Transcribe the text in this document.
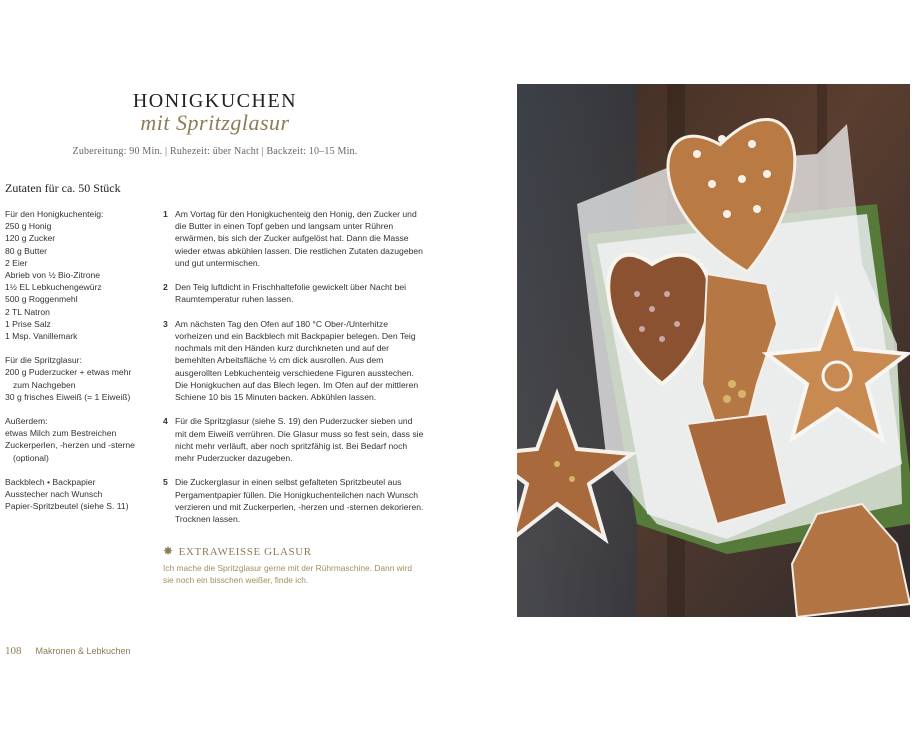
HONIGKUCHEN
mit Spritzglasur
Zubereitung: 90 Min. | Ruhezeit: über Nacht | Backzeit: 10–15 Min.
Zutaten für ca. 50 Stück
Für den Honigkuchenteig:
250 g Honig
120 g Zucker
80 g Butter
2 Eier
Abrieb von ½ Bio-Zitrone
1½ EL Lebkuchengewürz
500 g Roggenmehl
2 TL Natron
1 Prise Salz
1 Msp. Vanillemark
Für die Spritzglasur:
200 g Puderzucker + etwas mehr
zum Nachgeben
30 g frisches Eiweiß (= 1 Eiweiß)
Außerdem:
etwas Milch zum Bestreichen
Zuckerperlen, -herzen und -sterne
(optional)
Backblech • Backpapier
Ausstecher nach Wunsch
Papier-Spritzbeutel (siehe S. 11)
1 Am Vortag für den Honigkuchenteig den Honig, den Zucker und die Butter in einen Topf geben und langsam unter Rühren erwärmen, bis sich der Zucker aufgelöst hat. Dann die Masse wieder etwas abkühlen lassen. Die restlichen Zutaten dazugeben und gut untermischen.
2 Den Teig luftdicht in Frischhaltefolie gewickelt über Nacht bei Raumtemperatur ruhen lassen.
3 Am nächsten Tag den Ofen auf 180 °C Ober-/Unterhitze vorheizen und ein Backblech mit Backpapier belegen. Den Teig nochmals mit den Händen kurz durchkneten und auf der bemehlten Arbeitsfläche ½ cm dick ausrollen. Aus dem ausgerollten Lebkuchenteig verschiedene Figuren ausstechen. Die Honigkuchen auf das Blech legen. Im Ofen auf der mittleren Schiene 10 bis 15 Minuten backen. Abkühlen lassen.
4 Für die Spritzglasur (siehe S. 19) den Puderzucker sieben und mit dem Eiweiß verrühren. Die Glasur muss so fest sein, dass sie nicht mehr verläuft, aber noch spritzfähig ist. Bei Bedarf noch mehr Puderzucker dazugeben.
5 Die Zuckerglasur in einen selbst gefalteten Spritzbeutel aus Pergamentpapier füllen. Die Honigkuchenteilchen nach Wunsch verzieren und mit Zuckerperlen, -herzen und -sternen dekorieren. Trocknen lassen.
✸ EXTRAWEISSE GLASUR
Ich mache die Spritzglasur gerne mit der Rührmaschine. Dann wird sie noch ein bisschen weißer, finde ich.
108 Makronen & Lebkuchen
